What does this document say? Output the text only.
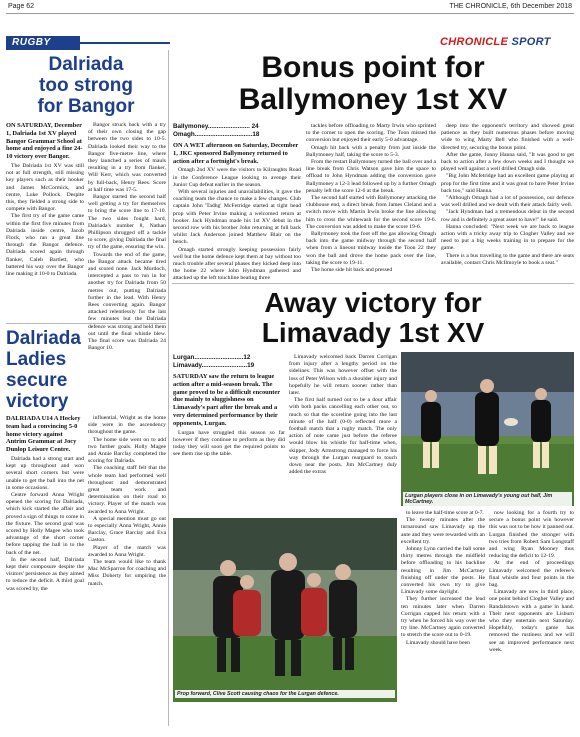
Page 62	THE CHRONICLE, 6th December 2018
RUGBY	CHRONICLE SPORT
Dalriada
too strong
for Bangor
ON SATURDAY, December 1, Dalriada 1st XV played Bangor Grammar School at home and enjoyed a fine 24-10 victory over Bangor.

The Dalriada 1st XV was still not at full strength, still missing key players such as their hooker and James McCormick, and centre, Luke Pollock. Despite this, they fielded a strong side to compete with Bangor.

The first try of the game came within the first five minutes from Dalriada inside centre, Jacob Flock, who ran a great line through the Bangor defence. Dalriada scored again through flanker, Caleb Bartlett, who battered his way over the Bangor line making it 10-0 to Dalriada.

Bangor struck back with a try of their own closing the gap between the two sides to 10-5. Dalriada looked their way to the Bangor five-metre line, where they launched a series of mauls resulting in a try from flanker, Will Kerr, which was converted by full-back, Henry Rees. Score at half time was 17-5.

Bangor started the second half well getting a try for themselves to bring the score line to 17-10. The two sides fought hard, Dalriada's number 8, Nathan Phillipson shrugged off a tackle to score, giving Dalriada the final try of the game, ensuring the win.

Towards the end of the game, the Bangor attack became tired and scored none. Jack Murdoch, intercepted a pass to run in for another try for Dalriada from 50 metres out, putting Dalriada further in the lead. With Henry Rees converting again. Bangor attacked relentlessly for the last few minutes but the Dalriada defence was strong and held them out until the final whistle blew. The final score was Dalriada 24 Bangor 10.

Bonus point for
Ballymoney 1st XV
Ballymoney........................ 24
Omagh.................................18
ON A WET afternoon on Saturday, December 1, JKC sponsored Ballymoney returned to action after a fortnight's break.

Omagh 2nd XV were the visitors to Kilraughts Road in the Conference League looking to avenge their Junior Cup defeat earlier in the season.

With several injuries and unavailabilities, it gave the coaching team the chance to make a few changes. Club captain John 'Tadhg' McFetridge started at tight head prop with Peter Irvine making a welcomed return at hooker. Jack Hyndman made his 1st XV debut in the second row with his brother John returning at full back whilst Jack Anderson joined Matthew Blair on the bench.

Omagh started strongly keeping possession fairly well but the home defence kept them at bay without too much trouble after several phases they kicked deep into the home 22 where John Hyndman gathered and attacked up the left touchline beating three

tackles before offloading to Marty Irwin who sprinted to the corner to open the scoring. The Toon missed the conversion but enjoyed their early 5-0 advantage.

Omagh hit back with a penalty from just inside the Ballymoney half, taking the score to 5-3.

From the restart Ballymoney turned the ball over and a line break from Chris Watson gave him the space to offload to John Hyndman adding the conversion gave Ballymoney a 12-3 lead followed up by a further Omagh penalty left the score 12-6 at the break.

The second half started with Ballymoney attacking the clubhouse end, a direct break from James Cleland and a switch move with Martin Irwin broke the line allowing him to cross the whitewash for the second score 19-6. The conversion was added to make the score 19-6.

Ballymoney took the foot off the gas allowing Omagh back into the game midway through the second half when from a lineout midway inside the Toon 22 they won the ball and drove the home pack over the line, taking the score to 19-11.

The home side hit back and pressed

deep into the opponent's territory and showed great patience as they built numerous phases before moving wide to wing Marty Bell who finished with a well-directed try, securing the bonus point.

After the game, Jonny Hanna said, "It was good to get back to action after a few down weeks and I thought we played well against a well drilled Omagh side.

"Big John Mcfetridge had an excellent game playing at prop for the first time and it was great to have Peter Irvine back too," said Hanna.

"Although Omagh had a lot of possession, our defence was well drilled and we dealt with their attack fairly well.

"Jack Hyndman had a tremendous debut in the second row and is definitely a great asset to have!" he said.

Hanna concluded: "Next week we are back to league action with a tricky away trip to Clogher Valley and we need to put a big weeks training in to prepare for the game.

There is a bus travelling to the game and there are seats available, contact Chris McIlmoyle to book a seat."

Dalriada
Ladies
secure
victory
DALRIADA U14 A Hockey team had a convincing 5-0 home victory against Antrim Grammar at Jocy Dunlop Leisure Centre.

Dalriada had a strong start and kept up throughout and won several short corners but were unable to get the ball into the net in some occasions.

Centre forward Anna Wright opened the scoring for Dalriada, which kick started the affair and proved a sign of things to come in the fixture. The second goal was scored by Holly Magee who took advantage of the short corner before tapping the ball in to the back of the net.

In the second half, Dalriada kept their composure despite the visitors' persistence as they aimed to reduce the deficit. A third goal was scored by, the

influential, Wright as the home side were in the ascendency throughout the game.

The home side went on to add two further goals. Holly Magee and Annie Barclay completed the scoring for Dalriada.

The coaching staff felt that the whole team had performed well throughout and demonstrated great team work and determination on their road to victory. Player of the match was awarded to Anna Wright.

A special mention must go out to especially Anna Wright, Annie Barclay, Grace Barclay and Eva Gaston.

Player of the match was awarded to Anna Wright.

The team would like to thank Mac McSparron for coaching and Miss Doherty for umpiring the match.

Away victory for
Limavady 1st XV
Lurgan............................12
Limavady..........................19
SATURDAY saw the return to league action after a mid-season break. The game proved to be a difficult encounter due mainly to sluggishness on Limavady's part after the break and a very determined performance by their opponents, Lurgan.

Lurgan have struggled this season so far however if they continue to perform as they did today they will soon get the required points to see them rise up the table.

Limavady welcomed back Darren Corrigan from injury after a lengthy period on the sidelines. This was however offset with the loss of Peter Wilson with a shoulder injury and hopefully he will return sooner rather than later.

The first half turned out to be a dour affair with both packs cancelling each other out, so much so that the scoreline going into the last minute of the half (0-0) reflected more a football match that a rugby match. The only action of note came just before the referee would blow his whistle for half-time when, skipper, Jody Armstrong managed to force his way through the Lurgan rearguard to touch down near the posts. Jim McCartney duly added the extras

Lurgan players close in on Limavady's young out half, Jim McCartney.
Prop forward, Clive Scott causing chaos for the Lurgan defence.

to leave the half-time score at 0-7.

The twenty minutes after the turnaround saw Limavady up the ante and they were rewarded with an excellent try.

Johnny Lynn carried the ball some thirty metres through the midfield before offloading to his backline resulting in Jim McCartney finishing off under the posts. He converted his own try to give Limavady some daylight.

They further increased the lead ten minutes later when Darren Corrigan capped his return with a try when he forced his way over the try line. McCartney again converted to stretch the score out to 0-19.

Limavady should have been

now looking for a fourth try to secure a bonus point win however this was not to be how it panned out. Lurgan finished the stronger with two tries from Robert Sam Longstaff and wing Ryan Mooney thus reducing the deficit to 12-19.

At the end of proceedings Limavady welcomed the referee's final whistle and four points in the bag.

Limavady are now in third place, one point behind Clogher Valley and Randalstown with a game in hand. Their next opponents are Lisburn who they entertain next Saturday. Hopefully, today's game has removed the rustiness and we will see an improved performance next week.
